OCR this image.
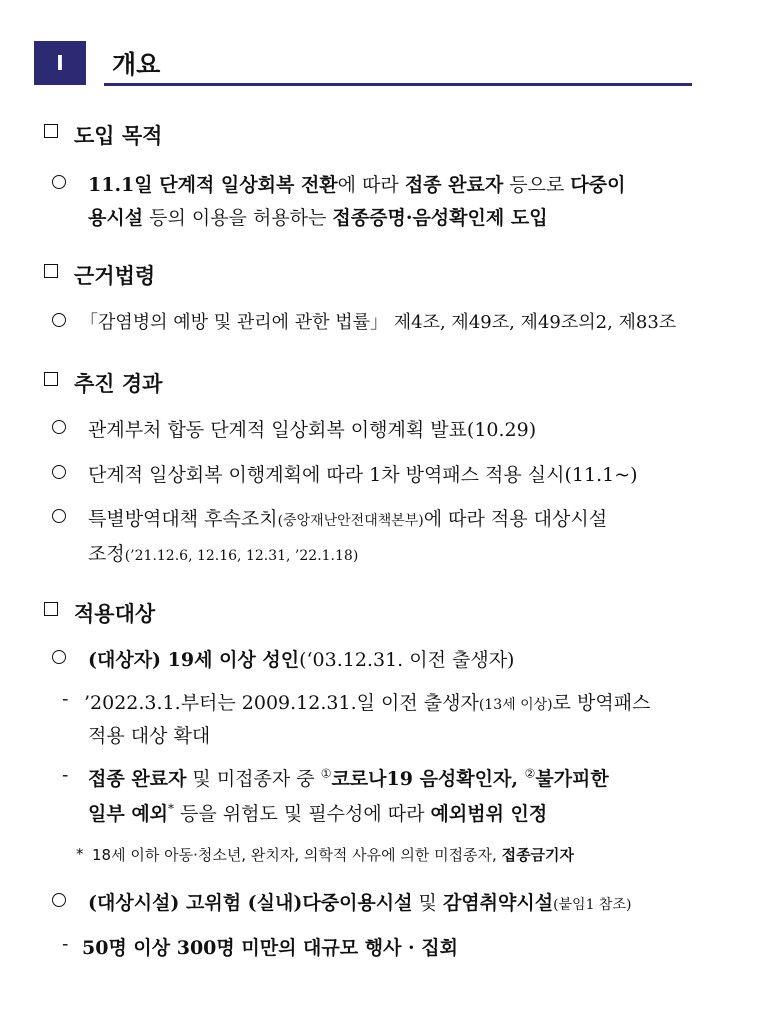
I	개요
도입 목적
11.1일 단계적 일상회복 전환에 따라 접종 완료자 등으로 다중이
용시설 등의 이용을 허용하는 접종증명·음성확인제 도입
근거법령
「감염병의 예방 및 관리에 관한 법률」 제4조, 제49조, 제49조의2, 제83조
추진 경과
관계부처 합동 단계적 일상회복 이행계획 발표(10.29)
단계적 일상회복 이행계획에 따라 1차 방역패스 적용 실시(11.1~)
특별방역대책 후속조치(중앙재난안전대책본부)에 따라 적용 대상시설
조정(’21.12.6, 12.16, 12.31, ’22.1.18)
적용대상
(대상자) 19세 이상 성인(‘03.12.31. 이전 출생자)
- ’2022.3.1.부터는 2009.12.31.일 이전 출생자(13세 이상)로 방역패스
적용 대상 확대
- 접종 완료자 및 미접종자 중 ①코로나19 음성확인자, ②불가피한
일부 예외* 등을 위험도 및 필수성에 따라 예외범위 인정
* 18세 이하 아동·청소년, 완치자, 의학적 사유에 의한 미접종자, 접종금기자
(대상시설) 고위험 (실내)다중이용시설 및 감염취약시설(붙임1 참조)
- 50명 이상 300명 미만의 대규모 행사 · 집회
